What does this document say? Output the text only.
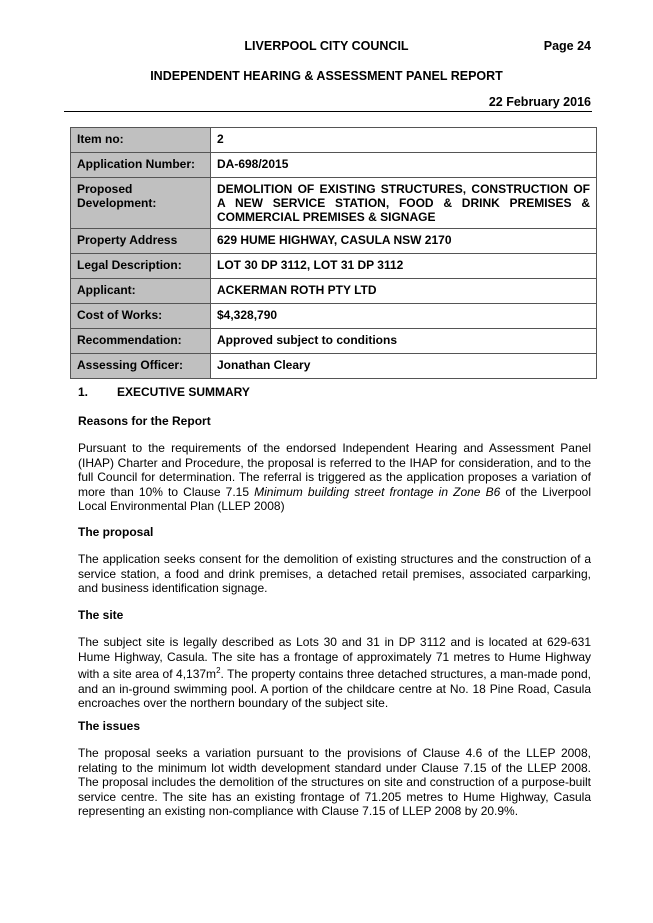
LIVERPOOL CITY COUNCIL	Page 24
INDEPENDENT HEARING & ASSESSMENT PANEL REPORT
22 February 2016
Item no:	2
Application Number:	DA-698/2015
Proposed Development:	DEMOLITION OF EXISTING STRUCTURES, CONSTRUCTION OF A NEW SERVICE STATION, FOOD & DRINK PREMISES & COMMERCIAL PREMISES & SIGNAGE
Property Address	629 HUME HIGHWAY, CASULA NSW 2170
Legal Description:	LOT 30 DP 3112, LOT 31 DP 3112
Applicant:	ACKERMAN ROTH PTY LTD
Cost of Works:	$4,328,790
Recommendation:	Approved subject to conditions
Assessing Officer:	Jonathan Cleary
1. EXECUTIVE SUMMARY
Reasons for the Report
Pursuant to the requirements of the endorsed Independent Hearing and Assessment Panel (IHAP) Charter and Procedure, the proposal is referred to the IHAP for consideration, and to the full Council for determination. The referral is triggered as the application proposes a variation of more than 10% to Clause 7.15 Minimum building street frontage in Zone B6 of the Liverpool Local Environmental Plan (LLEP 2008)
The proposal
The application seeks consent for the demolition of existing structures and the construction of a service station, a food and drink premises, a detached retail premises, associated carparking, and business identification signage.
The site
The subject site is legally described as Lots 30 and 31 in DP 3112 and is located at 629-631 Hume Highway, Casula. The site has a frontage of approximately 71 metres to Hume Highway with a site area of $4,137m^2$. The property contains three detached structures, a man-made pond, and an in-ground swimming pool. A portion of the childcare centre at No. 18 Pine Road, Casula encroaches over the northern boundary of the subject site.
The issues
The proposal seeks a variation pursuant to the provisions of Clause 4.6 of the LLEP 2008, relating to the minimum lot width development standard under Clause 7.15 of the LLEP 2008. The proposal includes the demolition of the structures on site and construction of a purpose-built service centre. The site has an existing frontage of 71.205 metres to Hume Highway, Casula representing an existing non-compliance with Clause 7.15 of LLEP 2008 by 20.9%.
